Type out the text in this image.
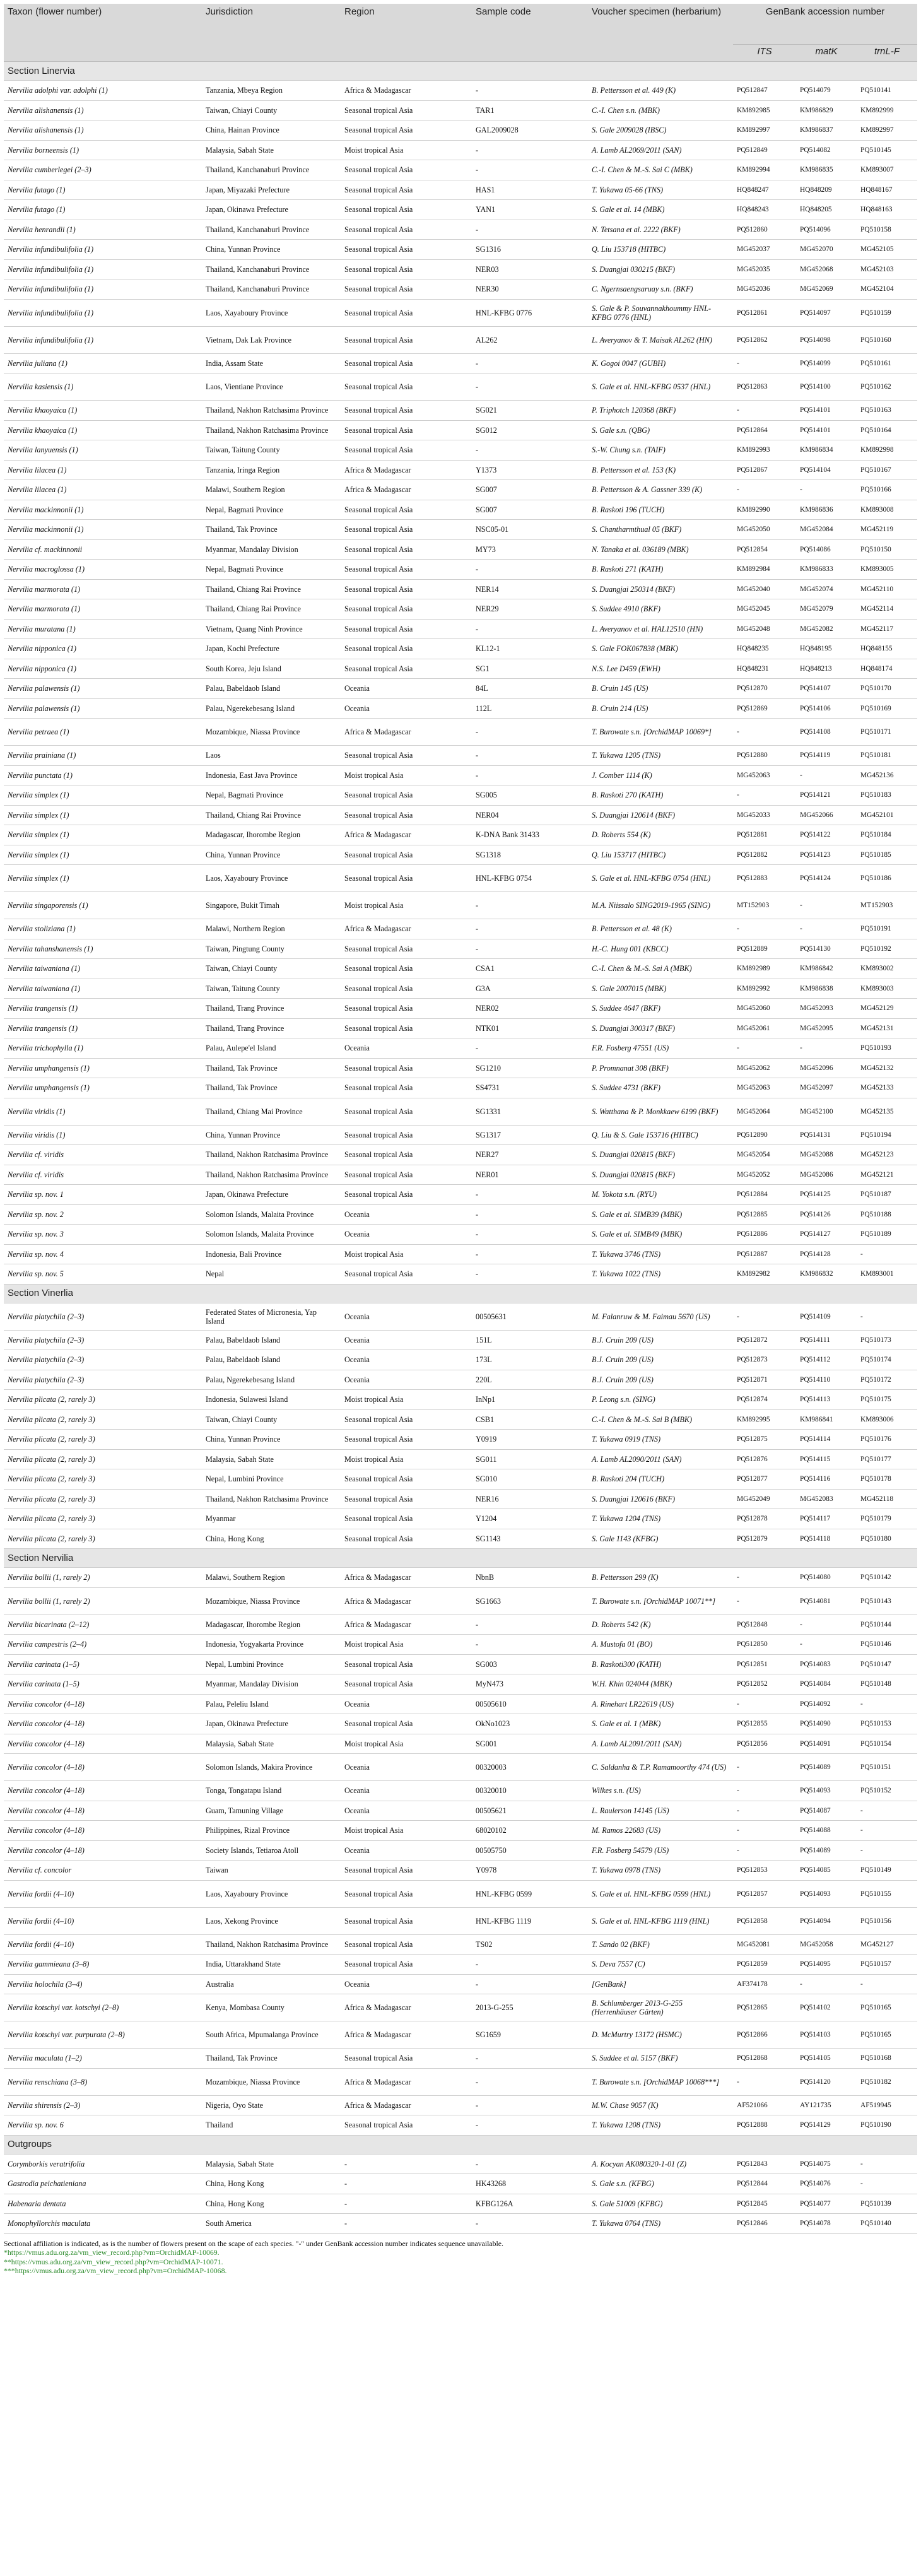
Taxon (flower number)	Jurisdiction	Region	Sample code	Voucher specimen (herbarium)	GenBank accession number		
					ITS	matK	trnL-F
Section Linervia							
Nervilia adolphi var. adolphi (1)	Tanzania, Mbeya Region	Africa & Madagascar	-	B. Pettersson et al. 449 (K)	PQ512847	PQ514079	PQ510141
Nervilia alishanensis (1)	Taiwan, Chiayi County	Seasonal tropical Asia	TAR1	C.-I. Chen s.n. (MBK)	KM892985	KM986829	KM892999
Nervilia alishanensis (1)	China, Hainan Province	Seasonal tropical Asia	GAL2009028	S. Gale 2009028 (IBSC)	KM892997	KM986837	KM892997
Nervilia borneensis (1)	Malaysia, Sabah State	Moist tropical Asia	-	A. Lamb AL2069/2011 (SAN)	PQ512849	PQ514082	PQ510145
Nervilia cumberlegei (2–3)	Thailand, Kanchanaburi Province	Seasonal tropical Asia	-	C.-I. Chen & M.-S. Sai C (MBK)	KM892994	KM986835	KM893007
Nervilia futago (1)	Japan, Miyazaki Prefecture	Seasonal tropical Asia	HAS1	T. Yukawa 05-66 (TNS)	HQ848247	HQ848209	HQ848167
Nervilia futago (1)	Japan, Okinawa Prefecture	Seasonal tropical Asia	YAN1	S. Gale et al. 14 (MBK)	HQ848243	HQ848205	HQ848163
Nervilia henrandii (1)	Thailand, Kanchanaburi Province	Seasonal tropical Asia	-	N. Tetsana et al. 2222 (BKF)	PQ512860	PQ514096	PQ510158
Nervilia infundibulifolia (1)	China, Yunnan Province	Seasonal tropical Asia	SG1316	Q. Liu 153718 (HITBC)	MG452037	MG452070	MG452105
Nervilia infundibulifolia (1)	Thailand, Kanchanaburi Province	Seasonal tropical Asia	NER03	S. Duangjai 030215 (BKF)	MG452035	MG452068	MG452103
Nervilia infundibulifolia (1)	Thailand, Kanchanaburi Province	Seasonal tropical Asia	NER30	C. Ngernsaengsaruay s.n. (BKF)	MG452036	MG452069	MG452104
Nervilia infundibulifolia (1)	Laos, Xayaboury Province	Seasonal tropical Asia	HNL-KFBG 0776	S. Gale & P. Souvannakhoummy HNL-KFBG 0776 (HNL)	PQ512861	PQ514097	PQ510159
Nervilia infundibulifolia (1)	Vietnam, Dak Lak Province	Seasonal tropical Asia	AL262	L. Averyanov & T. Maisak AL262 (HN)	PQ512862	PQ514098	PQ510160
Nervilia juliana (1)	India, Assam State	Seasonal tropical Asia	-	K. Gogoi 0047 (GUBH)	-	PQ514099	PQ510161
Nervilia kasiensis (1)	Laos, Vientiane Province	Seasonal tropical Asia	-	S. Gale et al. HNL-KFBG 0537 (HNL)	PQ512863	PQ514100	PQ510162
Nervilia khaoyaica (1)	Thailand, Nakhon Ratchasima Province	Seasonal tropical Asia	SG021	P. Triphotch 120368 (BKF)	-	PQ514101	PQ510163
Nervilia khaoyaica (1)	Thailand, Nakhon Ratchasima Province	Seasonal tropical Asia	SG012	S. Gale s.n. (QBG)	PQ512864	PQ514101	PQ510164
Nervilia lanyuensis (1)	Taiwan, Taitung County	Seasonal tropical Asia	-	S.-W. Chung s.n. (TAIF)	KM892993	KM986834	KM892998
Nervilia lilacea (1)	Tanzania, Iringa Region	Africa & Madagascar	Y1373	B. Pettersson et al. 153 (K)	PQ512867	PQ514104	PQ510167
Nervilia lilacea (1)	Malawi, Southern Region	Africa & Madagascar	SG007	B. Pettersson & A. Gassner 339 (K)	-	-	PQ510166
Nervilia mackinnonii (1)	Nepal, Bagmati Province	Seasonal tropical Asia	SG007	B. Raskoti 196 (TUCH)	KM892990	KM986836	KM893008
Nervilia mackinnonii (1)	Thailand, Tak Province	Seasonal tropical Asia	NSC05-01	S. Chantharmthual 05 (BKF)	MG452050	MG452084	MG452119
Nervilia cf. mackinnonii	Myanmar, Mandalay Division	Seasonal tropical Asia	MY73	N. Tanaka et al. 036189 (MBK)	PQ512854	PQ514086	PQ510150
Nervilia macroglossa (1)	Nepal, Bagmati Province	Seasonal tropical Asia	-	B. Raskoti 271 (KATH)	KM892984	KM986833	KM893005
Nervilia marmorata (1)	Thailand, Chiang Rai Province	Seasonal tropical Asia	NER14	S. Duangjai 250314 (BKF)	MG452040	MG452074	MG452110
Nervilia marmorata (1)	Thailand, Chiang Rai Province	Seasonal tropical Asia	NER29	S. Suddee 4910 (BKF)	MG452045	MG452079	MG452114
Nervilia muratana (1)	Vietnam, Quang Ninh Province	Seasonal tropical Asia	-	L. Averyanov et al. HAL12510 (HN)	MG452048	MG452082	MG452117
Nervilia nipponica (1)	Japan, Kochi Prefecture	Seasonal tropical Asia	KL12-1	S. Gale FOK067838 (MBK)	HQ848235	HQ848195	HQ848155
Nervilia nipponica (1)	South Korea, Jeju Island	Seasonal tropical Asia	SG1	N.S. Lee D459 (EWH)	HQ848231	HQ848213	HQ848174
Nervilia palawensis (1)	Palau, Babeldaob Island	Oceania	84L	B. Cruin 145 (US)	PQ512870	PQ514107	PQ510170
Nervilia palawensis (1)	Palau, Ngerekebesang Island	Oceania	112L	B. Cruin 214 (US)	PQ512869	PQ514106	PQ510169
Nervilia petraea (1)	Mozambique, Niassa Province	Africa & Madagascar	-	T. Burowate s.n. [OrchidMAP 10069*]	-	PQ514108	PQ510171
Nervilia prainiana (1)	Laos	Seasonal tropical Asia	-	T. Yukawa 1205 (TNS)	PQ512880	PQ514119	PQ510181
Nervilia punctata (1)	Indonesia, East Java Province	Moist tropical Asia	-	J. Comber 1114 (K)	MG452063	-	MG452136
Nervilia simplex (1)	Nepal, Bagmati Province	Seasonal tropical Asia	SG005	B. Raskoti 270 (KATH)	-	PQ514121	PQ510183
Nervilia simplex (1)	Thailand, Chiang Rai Province	Seasonal tropical Asia	NER04	S. Duangjai 120614 (BKF)	MG452033	MG452066	MG452101
Nervilia simplex (1)	Madagascar, Ihorombe Region	Africa & Madagascar	K-DNA Bank 31433	D. Roberts 554 (K)	PQ512881	PQ514122	PQ510184
Nervilia simplex (1)	China, Yunnan Province	Seasonal tropical Asia	SG1318	Q. Liu 153717 (HITBC)	PQ512882	PQ514123	PQ510185
Nervilia simplex (1)	Laos, Xayaboury Province	Seasonal tropical Asia	HNL-KFBG 0754	S. Gale et al. HNL-KFBG 0754 (HNL)	PQ512883	PQ514124	PQ510186
Nervilia singaporensis (1)	Singapore, Bukit Timah	Moist tropical Asia	-	M.A. Niissalo SING2019-1965 (SING)	MT152903	-	MT152903
Nervilia stoliziana (1)	Malawi, Northern Region	Africa & Madagascar	-	B. Pettersson et al. 48 (K)	-	-	PQ510191
Nervilia tahanshanensis (1)	Taiwan, Pingtung County	Seasonal tropical Asia	-	H.-C. Hung 001 (KBCC)	PQ512889	PQ514130	PQ510192
Nervilia taiwaniana (1)	Taiwan, Chiayi County	Seasonal tropical Asia	CSA1	C.-I. Chen & M.-S. Sai A (MBK)	KM892989	KM986842	KM893002
Nervilia taiwaniana (1)	Taiwan, Taitung County	Seasonal tropical Asia	G3A	S. Gale 2007015 (MBK)	KM892992	KM986838	KM893003
Nervilia trangensis (1)	Thailand, Trang Province	Seasonal tropical Asia	NER02	S. Suddee 4647 (BKF)	MG452060	MG452093	MG452129
Nervilia trangensis (1)	Thailand, Trang Province	Seasonal tropical Asia	NTK01	S. Duangjai 300317 (BKF)	MG452061	MG452095	MG452131
Nervilia trichophylla (1)	Palau, Aulepe'el Island	Oceania	-	F.R. Fosberg 47551 (US)	-	-	PQ510193
Nervilia umphangensis (1)	Thailand, Tak Province	Seasonal tropical Asia	SG1210	P. Promnanat 308 (BKF)	MG452062	MG452096	MG452132
Nervilia umphangensis (1)	Thailand, Tak Province	Seasonal tropical Asia	SS4731	S. Suddee 4731 (BKF)	MG452063	MG452097	MG452133
Nervilia viridis (1)	Thailand, Chiang Mai Province	Seasonal tropical Asia	SG1331	S. Watthana & P. Monkkaew 6199 (BKF)	MG452064	MG452100	MG452135
Nervilia viridis (1)	China, Yunnan Province	Seasonal tropical Asia	SG1317	Q. Liu & S. Gale 153716 (HITBC)	PQ512890	PQ514131	PQ510194
Nervilia cf. viridis	Thailand, Nakhon Ratchasima Province	Seasonal tropical Asia	NER27	S. Duangjai 020815 (BKF)	MG452054	MG452088	MG452123
Nervilia cf. viridis	Thailand, Nakhon Ratchasima Province	Seasonal tropical Asia	NER01	S. Duangjai 020815 (BKF)	MG452052	MG452086	MG452121
Nervilia sp. nov. 1	Japan, Okinawa Prefecture	Seasonal tropical Asia	-	M. Yokota s.n. (RYU)	PQ512884	PQ514125	PQ510187
Nervilia sp. nov. 2	Solomon Islands, Malaita Province	Oceania	-	S. Gale et al. SIMB39 (MBK)	PQ512885	PQ514126	PQ510188
Nervilia sp. nov. 3	Solomon Islands, Malaita Province	Oceania	-	S. Gale et al. SIMB49 (MBK)	PQ512886	PQ514127	PQ510189
Nervilia sp. nov. 4	Indonesia, Bali Province	Moist tropical Asia	-	T. Yukawa 3746 (TNS)	PQ512887	PQ514128	-
Nervilia sp. nov. 5	Nepal	Seasonal tropical Asia	-	T. Yukawa 1022 (TNS)	KM892982	KM986832	KM893001
Section Vinerlia							
Nervilia platychila (2–3)	Federated States of Micronesia, Yap Island	Oceania	00505631	M. Falanruw & M. Faimau 5670 (US)	-	PQ514109	-
Nervilia platychila (2–3)	Palau, Babeldaob Island	Oceania	151L	B.J. Cruin 209 (US)	PQ512872	PQ514111	PQ510173
Nervilia platychila (2–3)	Palau, Babeldaob Island	Oceania	173L	B.J. Cruin 209 (US)	PQ512873	PQ514112	PQ510174
Nervilia platychila (2–3)	Palau, Ngerekebesang Island	Oceania	220L	B.J. Cruin 209 (US)	PQ512871	PQ514110	PQ510172
Nervilia plicata (2, rarely 3)	Indonesia, Sulawesi Island	Moist tropical Asia	InNp1	P. Leong s.n. (SING)	PQ512874	PQ514113	PQ510175
Nervilia plicata (2, rarely 3)	Taiwan, Chiayi County	Seasonal tropical Asia	CSB1	C.-I. Chen & M.-S. Sai B (MBK)	KM892995	KM986841	KM893006
Nervilia plicata (2, rarely 3)	China, Yunnan Province	Seasonal tropical Asia	Y0919	T. Yukawa 0919 (TNS)	PQ512875	PQ514114	PQ510176
Nervilia plicata (2, rarely 3)	Malaysia, Sabah State	Moist tropical Asia	SG011	A. Lamb AL2090/2011 (SAN)	PQ512876	PQ514115	PQ510177
Nervilia plicata (2, rarely 3)	Nepal, Lumbini Province	Seasonal tropical Asia	SG010	B. Raskoti 204 (TUCH)	PQ512877	PQ514116	PQ510178
Nervilia plicata (2, rarely 3)	Thailand, Nakhon Ratchasima Province	Seasonal tropical Asia	NER16	S. Duangjai 120616 (BKF)	MG452049	MG452083	MG452118
Nervilia plicata (2, rarely 3)	Myanmar	Seasonal tropical Asia	Y1204	T. Yukawa 1204 (TNS)	PQ512878	PQ514117	PQ510179
Nervilia plicata (2, rarely 3)	China, Hong Kong	Seasonal tropical Asia	SG1143	S. Gale 1143 (KFBG)	PQ512879	PQ514118	PQ510180
Section Nervilia							
Nervilia bollii (1, rarely 2)	Malawi, Southern Region	Africa & Madagascar	NbnB	B. Pettersson 299 (K)	-	PQ514080	PQ510142
Nervilia bollii (1, rarely 2)	Mozambique, Niassa Province	Africa & Madagascar	SG1663	T. Burowate s.n. [OrchidMAP 10071**]	-	PQ514081	PQ510143
Nervilia bicarinata (2–12)	Madagascar, Ihorombe Region	Africa & Madagascar	-	D. Roberts 542 (K)	PQ512848	-	PQ510144
Nervilia campestris (2–4)	Indonesia, Yogyakarta Province	Moist tropical Asia	-	A. Mustofa 01 (BO)	PQ512850	-	PQ510146
Nervilia carinata (1–5)	Nepal, Lumbini Province	Seasonal tropical Asia	SG003	B. Raskoti300 (KATH)	PQ512851	PQ514083	PQ510147
Nervilia carinata (1–5)	Myanmar, Mandalay Division	Seasonal tropical Asia	MyN473	W.H. Khin 024044 (MBK)	PQ512852	PQ514084	PQ510148
Nervilia concolor (4–18)	Palau, Peleliu Island	Oceania	00505610	A. Rinehart LR22619 (US)	-	PQ514092	-
Nervilia concolor (4–18)	Japan, Okinawa Prefecture	Seasonal tropical Asia	OkNo1023	S. Gale et al. 1 (MBK)	PQ512855	PQ514090	PQ510153
Nervilia concolor (4–18)	Malaysia, Sabah State	Moist tropical Asia	SG001	A. Lamb AL2091/2011 (SAN)	PQ512856	PQ514091	PQ510154
Nervilia concolor (4–18)	Solomon Islands, Makira Province	Oceania	00320003	C. Saldanha & T.P. Ramamoorthy 474 (US)	-	PQ514089	PQ510151
Nervilia concolor (4–18)	Tonga, Tongatapu Island	Oceania	00320010	Wilkes s.n. (US)	-	PQ514093	PQ510152
Nervilia concolor (4–18)	Guam, Tamuning Village	Oceania	00505621	L. Raulerson 14145 (US)	-	PQ514087	-
Nervilia concolor (4–18)	Philippines, Rizal Province	Moist tropical Asia	68020102	M. Ramos 22683 (US)	-	PQ514088	-
Nervilia concolor (4–18)	Society Islands, Tetiaroa Atoll	Oceania	00505750	F.R. Fosberg 54579 (US)	-	PQ514089	-
Nervilia cf. concolor	Taiwan	Seasonal tropical Asia	Y0978	T. Yukawa 0978 (TNS)	PQ512853	PQ514085	PQ510149
Nervilia fordii (4–10)	Laos, Xayaboury Province	Seasonal tropical Asia	HNL-KFBG 0599	S. Gale et al. HNL-KFBG 0599 (HNL)	PQ512857	PQ514093	PQ510155
Nervilia fordii (4–10)	Laos, Xekong Province	Seasonal tropical Asia	HNL-KFBG 1119	S. Gale et al. HNL-KFBG 1119 (HNL)	PQ512858	PQ514094	PQ510156
Nervilia fordii (4–10)	Thailand, Nakhon Ratchasima Province	Seasonal tropical Asia	TS02	T. Sando 02 (BKF)	MG452081	MG452058	MG452127
Nervilia gammieana (3–8)	India, Uttarakhand State	Seasonal tropical Asia	-	S. Deva 7557 (C)	PQ512859	PQ514095	PQ510157
Nervilia holochila (3–4)	Australia	Oceania	-	[GenBank]	AF374178	-	-
Nervilia kotschyi var. kotschyi (2–8)	Kenya, Mombasa County	Africa & Madagascar	2013-G-255	B. Schlumberger 2013-G-255 (Herrenhäuser Gärten)	PQ512865	PQ514102	PQ510165
Nervilia kotschyi var. purpurata (2–8)	South Africa, Mpumalanga Province	Africa & Madagascar	SG1659	D. McMurtry 13172 (HSMC)	PQ512866	PQ514103	PQ510165
Nervilia maculata (1–2)	Thailand, Tak Province	Seasonal tropical Asia	-	S. Suddee et al. 5157 (BKF)	PQ512868	PQ514105	PQ510168
Nervilia renschiana (3–8)	Mozambique, Niassa Province	Africa & Madagascar	-	T. Burowate s.n. [OrchidMAP 10068***]	-	PQ514120	PQ510182
Nervilia shirensis (2–3)	Nigeria, Oyo State	Africa & Madagascar	-	M.W. Chase 9057 (K)	AF521066	AY121735	AF519945
Nervilia sp. nov. 6	Thailand	Seasonal tropical Asia	-	T. Yukawa 1208 (TNS)	PQ512888	PQ514129	PQ510190
Outgroups							
Corymborkis veratrifolia	Malaysia, Sabah State	-	-	A. Kocyan AK080320-1-01 (Z)	PQ512843	PQ514075	-
Gastrodia peichatieniana	China, Hong Kong	-	HK43268	S. Gale s.n. (KFBG)	PQ512844	PQ514076	-
Habenaria dentata	China, Hong Kong	-	KFBG126A	S. Gale 51009 (KFBG)	PQ512845	PQ514077	PQ510139
Monophyllorchis maculata	South America	-	-	T. Yukawa 0764 (TNS)	PQ512846	PQ514078	PQ510140
Sectional affiliation is indicated, as is the number of flowers present on the scape of each species. "-" under GenBank accession number indicates sequence unavailable.
*https://vmus.adu.org.za/vm_view_record.php?vm=OrchidMAP-10069.
**https://vmus.adu.org.za/vm_view_record.php?vm=OrchidMAP-10071.
***https://vmus.adu.org.za/vm_view_record.php?vm=OrchidMAP-10068.
